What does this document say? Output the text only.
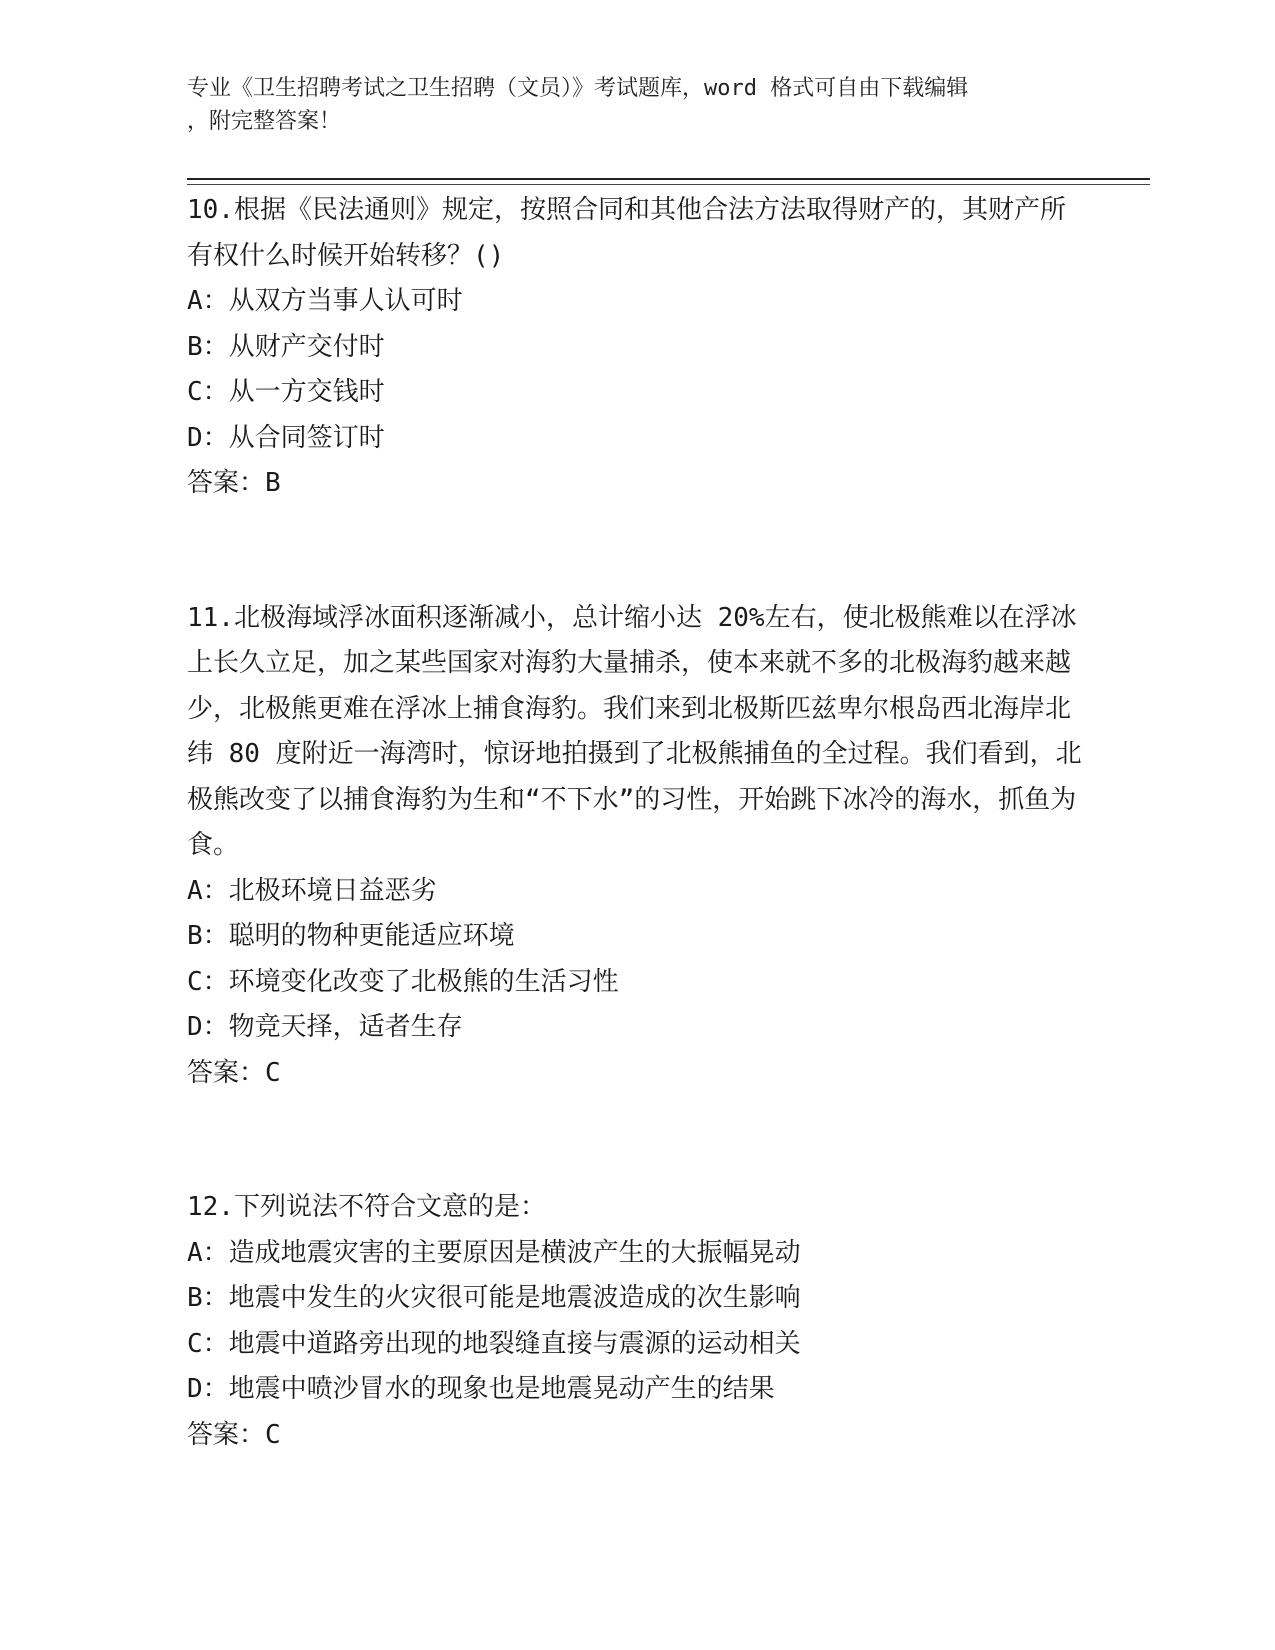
专业《卫生招聘考试之卫生招聘（文员）》考试题库，word 格式可自由下载编辑
，附完整答案！
10.根据《民法通则》规定，按照合同和其他合法方法取得财产的，其财产所有权什么时候开始转移？()
A：从双方当事人认可时
B：从财产交付时
C：从一方交钱时
D：从合同签订时
答案：B
11.北极海域浮冰面积逐渐减小，总计缩小达 20%左右，使北极熊难以在浮冰上长久立足，加之某些国家对海豹大量捕杀，使本来就不多的北极海豹越来越少，北极熊更难在浮冰上捕食海豹。我们来到北极斯匹兹卑尔根岛西北海岸北纬 80 度附近一海湾时，惊讶地拍摄到了北极熊捕鱼的全过程。我们看到，北极熊改变了以捕食海豹为生和“不下水”的习性，开始跳下冰冷的海水，抓鱼为食。
A：北极环境日益恶劣
B：聪明的物种更能适应环境
C：环境变化改变了北极熊的生活习性
D：物竞天择，适者生存
答案：C
12.下列说法不符合文意的是：
A：造成地震灾害的主要原因是横波产生的大振幅晃动
B：地震中发生的火灾很可能是地震波造成的次生影响
C：地震中道路旁出现的地裂缝直接与震源的运动相关
D：地震中喷沙冒水的现象也是地震晃动产生的结果
答案：C
